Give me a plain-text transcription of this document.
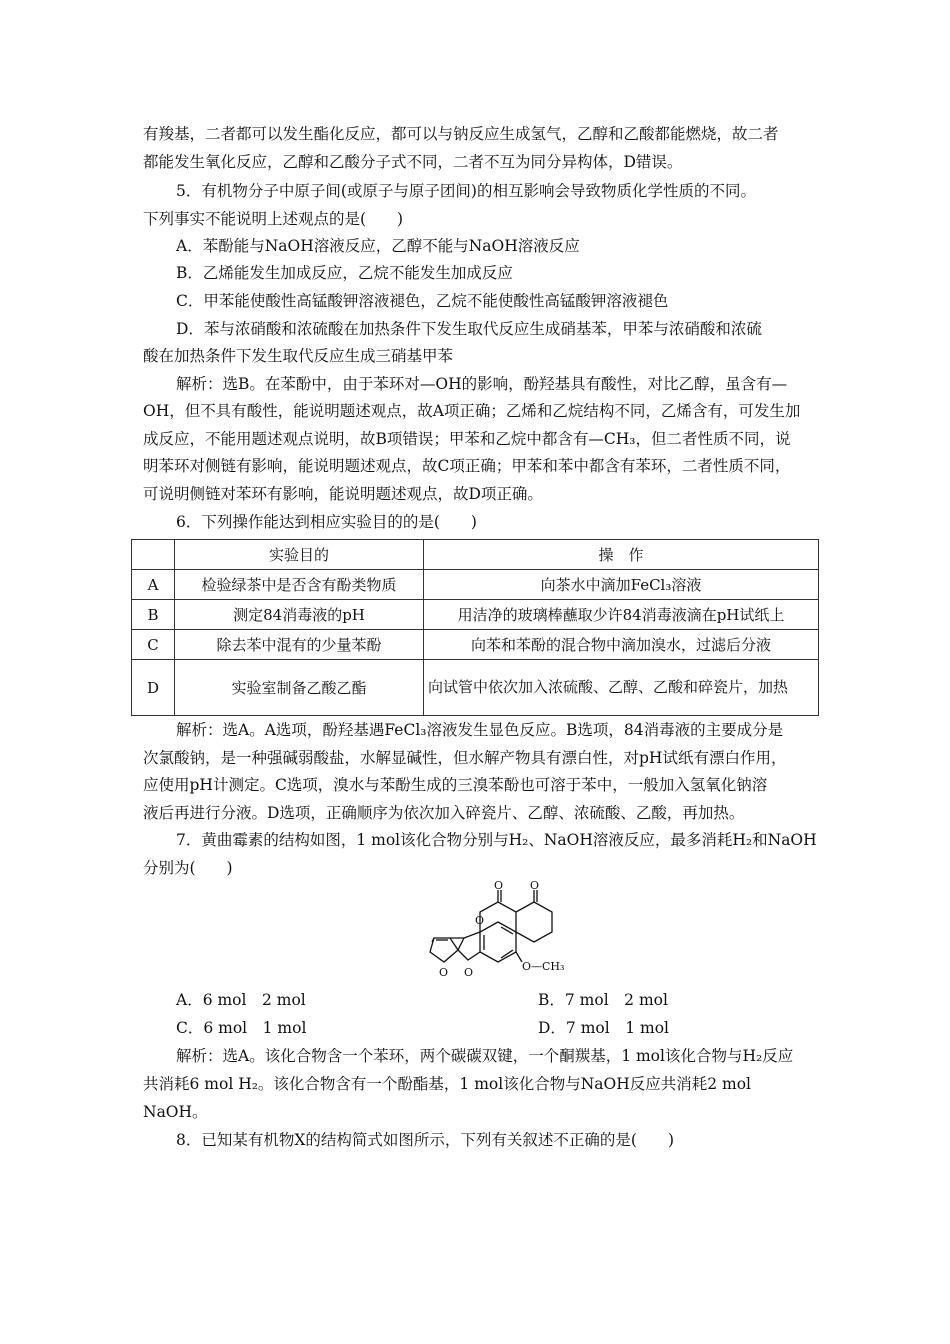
有羧基，二者都可以发生酯化反应，都可以与钠反应生成氢气，乙醇和乙酸都能燃烧，故二者
都能发生氧化反应，乙醇和乙酸分子式不同，二者不互为同分异构体，D错误。
5．有机物分子中原子间(或原子与原子团间)的相互影响会导致物质化学性质的不同。
下列事实不能说明上述观点的是(　　)
A．苯酚能与NaOH溶液反应，乙醇不能与NaOH溶液反应
B．乙烯能发生加成反应，乙烷不能发生加成反应
C．甲苯能使酸性高锰酸钾溶液褪色，乙烷不能使酸性高锰酸钾溶液褪色
D．苯与浓硝酸和浓硫酸在加热条件下发生取代反应生成硝基苯，甲苯与浓硝酸和浓硫
酸在加热条件下发生取代反应生成三硝基甲苯
解析：选B。在苯酚中，由于苯环对—OH的影响，酚羟基具有酸性，对比乙醇，虽含有—
OH，但不具有酸性，能说明题述观点，故A项正确；乙烯和乙烷结构不同，乙烯含有，可发生加
成反应，不能用题述观点说明，故B项错误；甲苯和乙烷中都含有—CH₃，但二者性质不同，说
明苯环对侧链有影响，能说明题述观点，故C项正确；甲苯和苯中都含有苯环，二者性质不同，
可说明侧链对苯环有影响，能说明题述观点，故D项正确。
6．下列操作能达到相应实验目的的是(　　)
	实验目的	操　作
A	检验绿茶中是否含有酚类物质	向茶水中滴加FeCl₃溶液
B	测定84消毒液的pH	用洁净的玻璃棒蘸取少许84消毒液滴在pH试纸上
C	除去苯中混有的少量苯酚	向苯和苯酚的混合物中滴加溴水，过滤后分液
D	实验室制备乙酸乙酯	向试管中依次加入浓硫酸、乙醇、乙酸和碎瓷片，加热
解析：选A。A选项，酚羟基遇FeCl₃溶液发生显色反应。B选项，84消毒液的主要成分是
次氯酸钠，是一种强碱弱酸盐，水解显碱性，但水解产物具有漂白性，对pH试纸有漂白作用，
应使用pH计测定。C选项，溴水与苯酚生成的三溴苯酚也可溶于苯中，一般加入氢氧化钠溶
液后再进行分液。D选项，正确顺序为依次加入碎瓷片、乙醇、浓硫酸、乙酸，再加热。
7．黄曲霉素的结构如图，1 mol该化合物分别与H₂、NaOH溶液反应，最多消耗H₂和NaOH
分别为(　　)
O O
O
O
O	O—CH₃
A．6 mol　2 mol	B．7 mol　2 mol
C．6 mol　1 mol	D．7 mol　1 mol
解析：选A。该化合物含一个苯环，两个碳碳双键，一个酮羰基，1 mol该化合物与H₂反应
共消耗6 mol H₂。该化合物含有一个酚酯基，1 mol该化合物与NaOH反应共消耗2 mol
NaOH。
8．已知某有机物X的结构简式如图所示，下列有关叙述不正确的是(　　)
